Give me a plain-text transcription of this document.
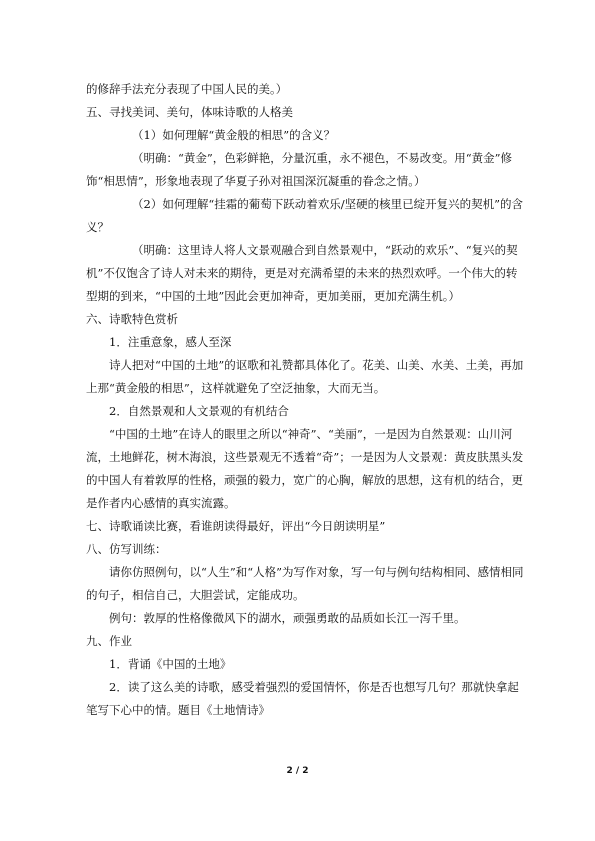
的修辞手法充分表现了中国人民的美。）

五、寻找美词、美句，体味诗歌的人格美

（1）如何理解“黄金般的相思”的含义？

（明确：“黄金”，色彩鲜艳，分量沉重，永不褪色，不易改变。用“黄金”修饰“相思情”，形象地表现了华夏子孙对祖国深沉凝重的眷念之情。）

（2）如何理解“挂霜的葡萄下跃动着欢乐/坚硬的核里已绽开复兴的契机”的含义？

（明确：这里诗人将人文景观融合到自然景观中，“跃动的欢乐”、“复兴的契机”不仅饱含了诗人对未来的期待，更是对充满希望的未来的热烈欢呼。一个伟大的转型期的到来，“中国的土地”因此会更加神奇，更加美丽，更加充满生机。）

六、诗歌特色赏析

1．注重意象，感人至深

诗人把对“中国的土地”的讴歌和礼赞都具体化了。花美、山美、水美、土美，再加上那“黄金般的相思”，这样就避免了空泛抽象，大而无当。

2．自然景观和人文景观的有机结合

“中国的土地”在诗人的眼里之所以“神奇”、“美丽”，一是因为自然景观：山川河流，土地鲜花，树木海浪，这些景观无不透着“奇”；一是因为人文景观：黄皮肤黑头发的中国人有着敦厚的性格，顽强的毅力，宽广的心胸，解放的思想，这有机的结合，更是作者内心感情的真实流露。

七、诗歌诵读比赛，看谁朗读得最好，评出“今日朗读明星”

八、仿写训练：

请你仿照例句，以“人生”和“人格”为写作对象，写一句与例句结构相同、感情相同的句子，相信自己，大胆尝试，定能成功。

例句：敦厚的性格像微风下的湖水，顽强勇敢的品质如长江一泻千里。

九、作业

1．背诵《中国的土地》

2．读了这么美的诗歌，感受着强烈的爱国情怀，你是否也想写几句？那就快拿起笔写下心中的情。题目《土地情诗》

2 / 2
